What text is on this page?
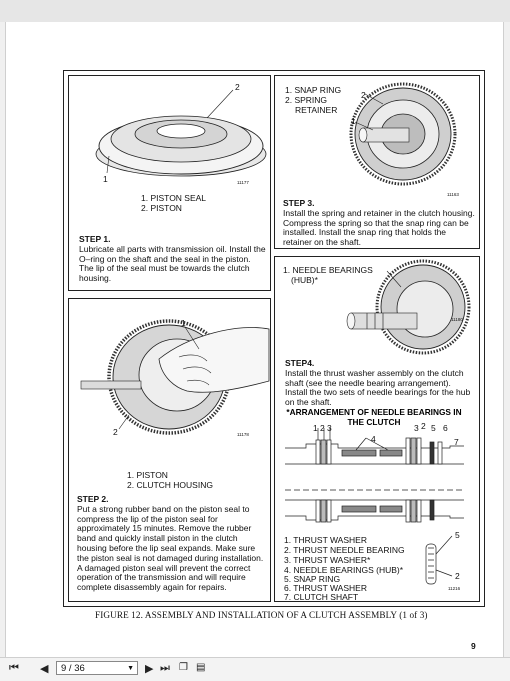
2
1	11177
1. PISTON SEAL
2. PISTON
STEP 1.
Lubricate all parts with transmission oil. Install the O–ring on the shaft and the seal in the piston. The lip of the seal must be towards the clutch housing.
1. SNAP RING
2. SPRING
RETAINER
2
1
11163
STEP 3.
Install the spring and retainer in the clutch housing. Compress the spring so that the snap ring can be installed. Install the snap ring that holds the retainer on the shaft.
1
2	11178
1. PISTON
2. CLUTCH HOUSING
STEP 2.
Put a strong rubber band on the piston seal to compress the lip of the piston seal for approximately 15 minutes. Remove the rubber band and quickly install piston in the clutch housing before the lip seal expands. Make sure the piston seal is not damaged during installation. A damaged piston seal will prevent the correct operation of the transmission and will require complete disassembly again for repairs.
1. NEEDLE BEARINGS
(HUB)*
11180
STEP4.
Install the thrust washer assembly on the clutch shaft (see the needle bearing arrangement). Install the two sets of needle bearings for the hub on the shaft.
*ARRANGEMENT OF NEEDLE BEARINGS IN THE CLUTCH
1 2 3
4
3 2 5 6
7
5
2
11216
1. THRUST WASHER
2. THRUST NEEDLE BEARING
3. THRUST WASHER*
4. NEEDLE BEARINGS (HUB)*
5. SNAP RING
6. THRUST WASHER
7. CLUTCH SHAFT
FIGURE 12. ASSEMBLY AND INSTALLATION OF A CLUTCH ASSEMBLY (1 of 3)
9
⏮ ◀	9 / 36	▼ ▶ ⏭ ❐ ▤
